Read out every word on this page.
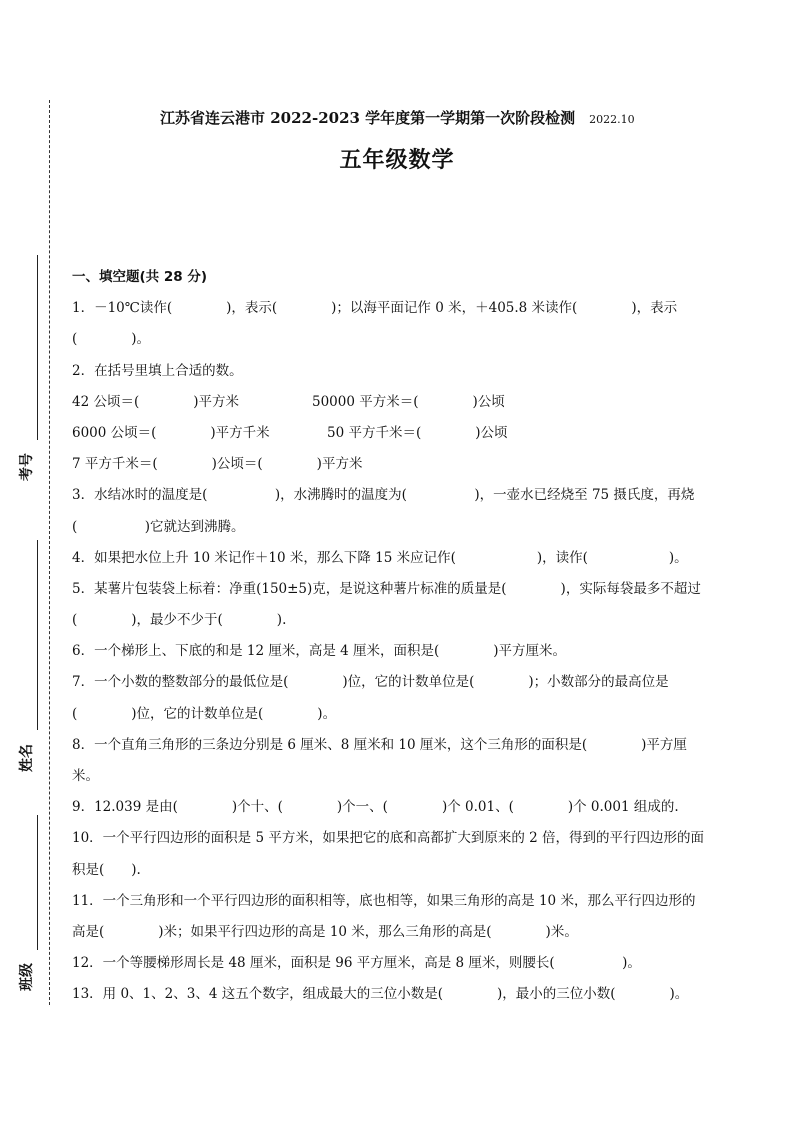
考号
姓名
班级
江苏省连云港市 2022-2023 学年度第一学期第一次阶段检测 2022.10
五年级数学
一、填空题(共 28 分)
1．－10℃读作(　　　　)，表示(　　　　)；以海平面记作 0 米，＋405.8 米读作(　　　　)，表示
(　　　　)。
2．在括号里填上合适的数。
42 公顷＝(　　　　)平方米	50000 平方米＝(　　　　)公顷
6000 公顷＝(　　　　)平方千米	50 平方千米＝(　　　　)公顷
7 平方千米＝(　　　　)公顷＝(　　　　)平方米
3．水结冰时的温度是(　　　　　)，水沸腾时的温度为(　　　　　)，一壶水已经烧至 75 摄氏度，再烧
(　　　　　)它就达到沸腾。
4．如果把水位上升 10 米记作＋10 米，那么下降 15 米应记作(　　　　　　)，读作(　　　　　　)。
5．某薯片包装袋上标着：净重(150±5)克，是说这种薯片标准的质量是(　　　　)，实际每袋最多不超过
(　　　　)，最少不少于(　　　　).
6．一个梯形上、下底的和是 12 厘米，高是 4 厘米，面积是(　　　　)平方厘米。
7．一个小数的整数部分的最低位是(　　　　)位，它的计数单位是(　　　　)；小数部分的最高位是
(　　　　)位，它的计数单位是(　　　　)。
8．一个直角三角形的三条边分别是 6 厘米、8 厘米和 10 厘米，这个三角形的面积是(　　　　)平方厘
米。
9．12.039 是由(　　　　)个十、(　　　　)个一、(　　　　)个 0.01、(　　　　)个 0.001 组成的.
10．一个平行四边形的面积是 5 平方米，如果把它的底和高都扩大到原来的 2 倍，得到的平行四边形的面
积是(　　).
11．一个三角形和一个平行四边形的面积相等，底也相等，如果三角形的高是 10 米，那么平行四边形的
高是(　　　　)米；如果平行四边形的高是 10 米，那么三角形的高是(　　　　)米。
12．一个等腰梯形周长是 48 厘米，面积是 96 平方厘米，高是 8 厘米，则腰长(　　　　　)。
13．用 0、1、2、3、4 这五个数字，组成最大的三位小数是(　　　　)，最小的三位小数(　　　　)。
